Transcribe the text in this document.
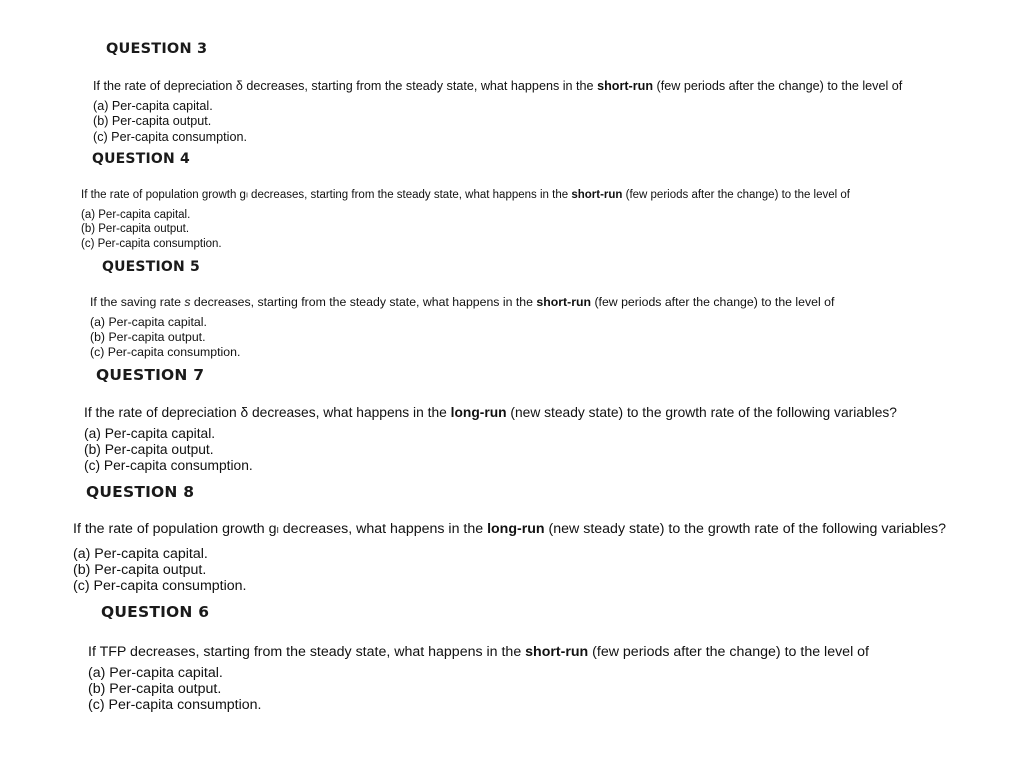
QUESTION 3

If the rate of depreciation δ decreases, starting from the steady state, what happens in the short-run (few periods after the change) to the level of

(a) Per-capita capital.
(b) Per-capita output.
(c) Per-capita consumption.
QUESTION 4

If the rate of population growth gₗ decreases, starting from the steady state, what happens in the short-run (few periods after the change) to the level of

(a) Per-capita capital.
(b) Per-capita output.
(c) Per-capita consumption.
QUESTION 5

If the saving rate s decreases, starting from the steady state, what happens in the short-run (few periods after the change) to the level of

(a) Per-capita capital.
(b) Per-capita output.
(c) Per-capita consumption.
QUESTION 7

If the rate of depreciation δ decreases, what happens in the long-run (new steady state) to the growth rate of the following variables?

(a) Per-capita capital.
(b) Per-capita output.
(c) Per-capita consumption.
QUESTION 8

If the rate of population growth gₗ decreases, what happens in the long-run (new steady state) to the growth rate of the following variables?

(a) Per-capita capital.
(b) Per-capita output.
(c) Per-capita consumption.
QUESTION 6

If TFP decreases, starting from the steady state, what happens in the short-run (few periods after the change) to the level of

(a) Per-capita capital.
(b) Per-capita output.
(c) Per-capita consumption.
